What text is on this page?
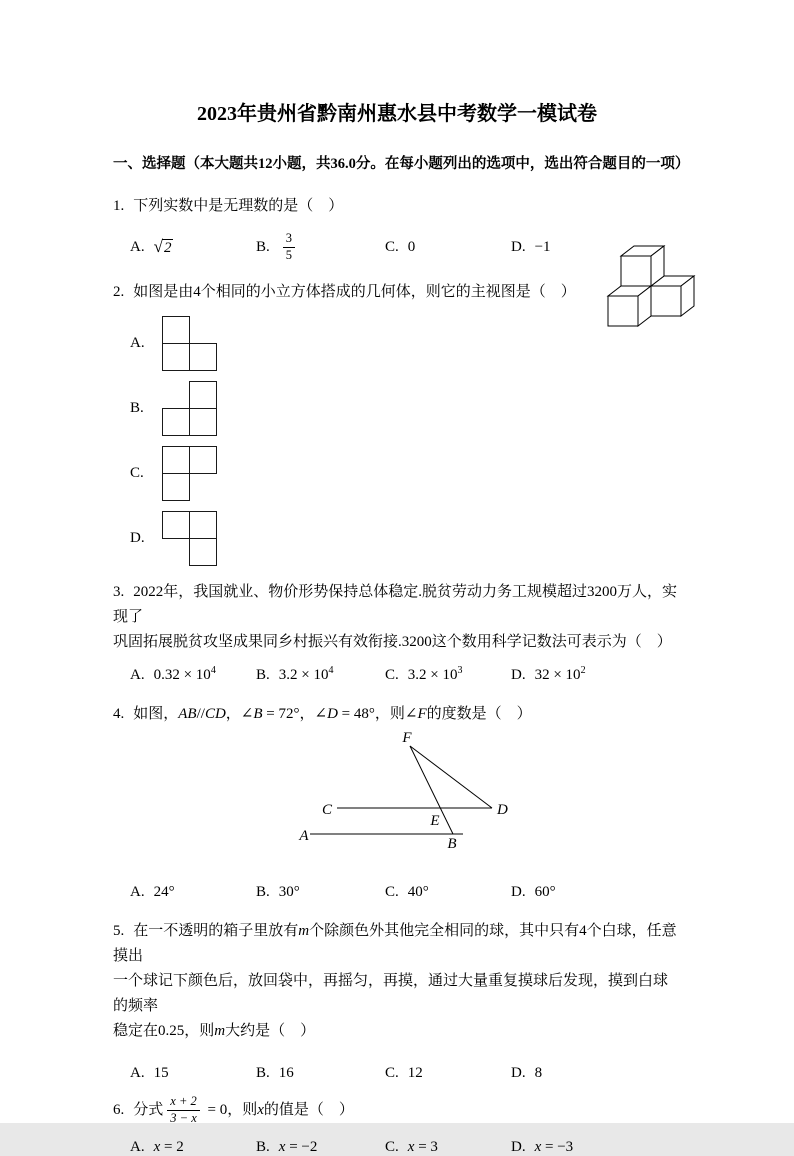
2023年贵州省黔南州惠水县中考数学一模试卷
一、选择题（本大题共12小题，共36.0分。在每小题列出的选项中，选出符合题目的一项）
1. 下列实数中是无理数的是（　）
A. √2	B. $\frac{3}{5}$	C. 0	D. −1
2. 如图是由4个相同的小立方体搭成的几何体，则它的主视图是（　）
A.
B.
C.
D.
3. 2022年，我国就业、物价形势保持总体稳定.脱贫劳动力务工规模超过3200万人，实现了
巩固拓展脱贫攻坚成果同乡村振兴有效衔接.3200这个数用科学记数法可表示为（　）
A. $0.32 \times 10^4$	B. $3.2 \times 10^4$	C. $3.2 \times 10^3$	D. $32 \times 10^2$
4. 如图，AB//CD，∠B = 72°，∠D = 48°，则∠F的度数是（　）
F
C
E
D
A	B
A. 24°	B. 30°	C. 40°	D. 60°
5. 在一不透明的箱子里放有m个除颜色外其他完全相同的球，其中只有4个白球，任意摸出
一个球记下颜色后，放回袋中，再摇匀，再摸，通过大量重复摸球后发现，摸到白球的频率
稳定在0.25，则m大约是（　）
A. 15	B. 16	C. 12	D. 8
6. 分式 $\frac{x + 2}{3 - x} = 0$，则x的值是（　）
A. x = 2	B. x = −2	C. x = 3	D. x = −3
